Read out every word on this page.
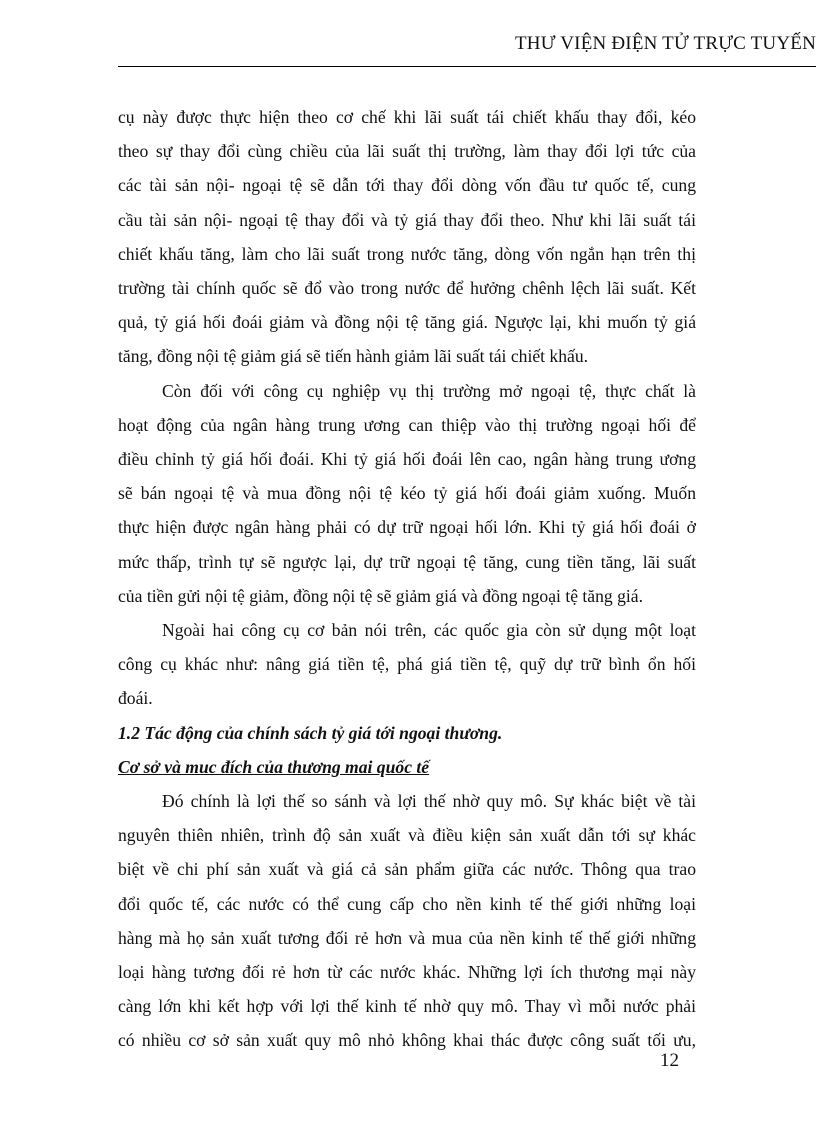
THƯ VIỆN ĐIỆN TỬ TRỰC TUYẾN

cụ này được thực hiện theo cơ chế khi lãi suất tái chiết khấu thay đổi, kéo
theo sự thay đổi cùng chiều của lãi suất thị trường, làm thay đổi lợi tức của
các tài sản nội- ngoại tệ sẽ dẫn tới thay đổi dòng vốn đầu tư quốc tế, cung
cầu tài sản nội- ngoại tệ thay đổi và tỷ giá thay đổi theo. Như khi lãi suất tái
chiết khấu tăng, làm cho lãi suất trong nước tăng, dòng vốn ngắn hạn trên thị
trường tài chính quốc sẽ đổ vào trong nước để hưởng chênh lệch lãi suất. Kết
quả, tỷ giá hối đoái giảm và đồng nội tệ tăng giá. Ngược lại, khi muốn tỷ giá
tăng, đồng nội tệ giảm giá sẽ tiến hành giảm lãi suất tái chiết khấu.

Còn đối với công cụ nghiệp vụ thị trường mở ngoại tệ, thực chất là
hoạt động của ngân hàng trung ương can thiệp vào thị trường ngoại hối để
điều chỉnh tỷ giá hối đoái. Khi tỷ giá hối đoái lên cao, ngân hàng trung ương
sẽ bán ngoại tệ và mua đồng nội tệ kéo tỷ giá hối đoái giảm xuống. Muốn
thực hiện được ngân hàng phải có dự trữ ngoại hối lớn. Khi tỷ giá hối đoái ở
mức thấp, trình tự sẽ ngược lại, dự trữ ngoại tệ tăng, cung tiền tăng, lãi suất
của tiền gửi nội tệ giảm, đồng nội tệ sẽ giảm giá và đồng ngoại tệ tăng giá.

Ngoài hai công cụ cơ bản nói trên, các quốc gia còn sử dụng một loạt
công cụ khác như: nâng giá tiền tệ, phá giá tiền tệ, quỹ dự trữ bình ổn hối
đoái.

1.2 Tác động của chính sách tỷ giá tới ngoại thương.

Cơ sở và muc đích của thương mai quốc tế

Đó chính là lợi thế so sánh và lợi thế nhờ quy mô. Sự khác biệt về tài
nguyên thiên nhiên, trình độ sản xuất và điều kiện sản xuất dẫn tới sự khác
biệt về chi phí sản xuất và giá cả sản phẩm giữa các nước. Thông qua trao
đổi quốc tế, các nước có thể cung cấp cho nền kinh tế thế giới những loại
hàng mà họ sản xuất tương đối rẻ hơn và mua của nền kinh tế thế giới những
loại hàng tương đối rẻ hơn từ các nước khác. Những lợi ích thương mại này
càng lớn khi kết hợp với lợi thế kinh tế nhờ quy mô. Thay vì mỗi nước phải
có nhiều cơ sở sản xuất quy mô nhỏ không khai thác được công suất tối ưu,

12
